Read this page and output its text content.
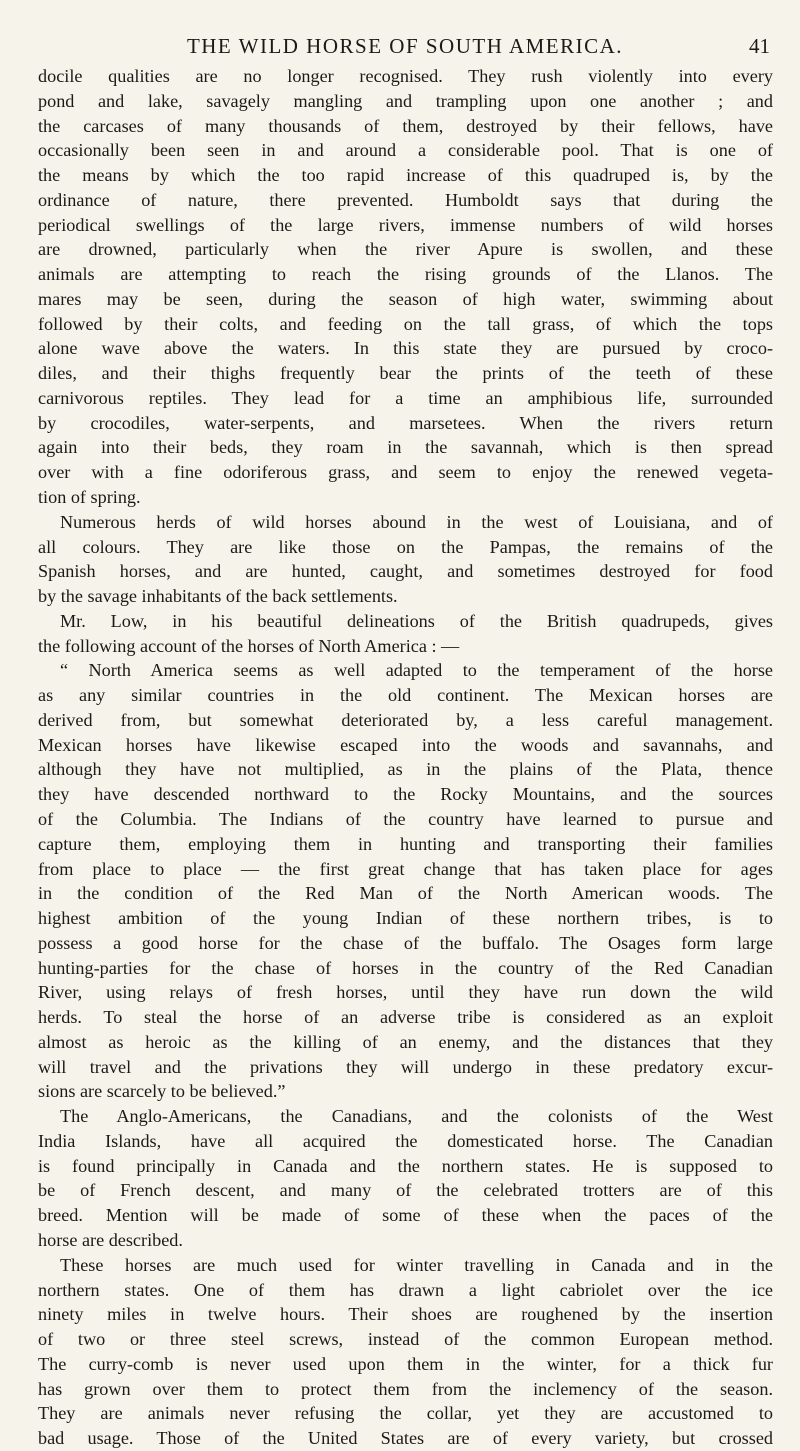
THE WILD HORSE OF SOUTH AMERICA.	41
docile qualities are no longer recognised. They rush violently into every
pond and lake, savagely mangling and trampling upon one another ; and
the carcases of many thousands of them, destroyed by their fellows, have
occasionally been seen in and around a considerable pool. That is one of
the means by which the too rapid increase of this quadruped is, by the
ordinance of nature, there prevented. Humboldt says that during the
periodical swellings of the large rivers, immense numbers of wild horses
are drowned, particularly when the river Apure is swollen, and these
animals are attempting to reach the rising grounds of the Llanos. The
mares may be seen, during the season of high water, swimming about
followed by their colts, and feeding on the tall grass, of which the tops
alone wave above the waters. In this state they are pursued by croco-
diles, and their thighs frequently bear the prints of the teeth of these
carnivorous reptiles. They lead for a time an amphibious life, surrounded
by crocodiles, water-serpents, and marsetees. When the rivers return
again into their beds, they roam in the savannah, which is then spread
over with a fine odoriferous grass, and seem to enjoy the renewed vegeta-
tion of spring.
Numerous herds of wild horses abound in the west of Louisiana, and of
all colours. They are like those on the Pampas, the remains of the
Spanish horses, and are hunted, caught, and sometimes destroyed for food
by the savage inhabitants of the back settlements.
Mr. Low, in his beautiful delineations of the British quadrupeds, gives
the following account of the horses of North America : —
“ North America seems as well adapted to the temperament of the horse
as any similar countries in the old continent. The Mexican horses are
derived from, but somewhat deteriorated by, a less careful management.
Mexican horses have likewise escaped into the woods and savannahs, and
although they have not multiplied, as in the plains of the Plata, thence
they have descended northward to the Rocky Mountains, and the sources
of the Columbia. The Indians of the country have learned to pursue and
capture them, employing them in hunting and transporting their families
from place to place — the first great change that has taken place for ages
in the condition of the Red Man of the North American woods. The
highest ambition of the young Indian of these northern tribes, is to
possess a good horse for the chase of the buffalo. The Osages form large
hunting-parties for the chase of horses in the country of the Red Canadian
River, using relays of fresh horses, until they have run down the wild
herds. To steal the horse of an adverse tribe is considered as an exploit
almost as heroic as the killing of an enemy, and the distances that they
will travel and the privations they will undergo in these predatory excur-
sions are scarcely to be believed.”
The Anglo-Americans, the Canadians, and the colonists of the West
India Islands, have all acquired the domesticated horse. The Canadian
is found principally in Canada and the northern states. He is supposed to
be of French descent, and many of the celebrated trotters are of this
breed. Mention will be made of some of these when the paces of the
horse are described.
These horses are much used for winter travelling in Canada and in the
northern states. One of them has drawn a light cabriolet over the ice
ninety miles in twelve hours. Their shoes are roughened by the insertion
of two or three steel screws, instead of the common European method.
The curry-comb is never used upon them in the winter, for a thick fur
has grown over them to protect them from the inclemency of the season.
They are animals never refusing the collar, yet they are accustomed to
bad usage. Those of the United States are of every variety, but crossed
